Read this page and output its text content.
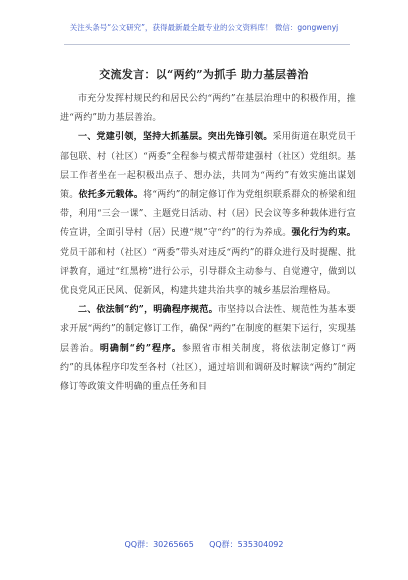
关注头条号“公文研究”，获得最新最全最专业的公文资料库！ 微信：gongwenyj
交流发言：以“两约”为抓手 助力基层善治

市充分发挥村规民约和居民公约“两约”在基层治理中的积极作用，推进“两约”助力基层善治。

一、党建引领，坚持大抓基层。突出先锋引领。采用街道在职党员干部包联、村（社区）“两委”全程参与模式帮带建强村（社区）党组织。基层工作者坐在一起积极出点子、想办法，共同为“两约”有效实施出谋划策。依托多元载体。将“两约”的制定修订作为党组织联系群众的桥梁和纽带，利用“三会一课”、主题党日活动、村（居）民会议等多种载体进行宣传宣讲，全面引导村（居）民遵“规”守“约”的行为养成。强化行为约束。党员干部和村（社区）“两委”带头对违反“两约”的群众进行及时提醒、批评教育，通过“红黑榜”进行公示，引导群众主动参与、自觉遵守，做到以优良党风正民风、促新风，构建共建共治共享的城乡基层治理格局。

二、依法制“约”，明确程序规范。市坚持以合法性、规范性为基本要求开展“两约”的制定修订工作，确保“两约”在制度的框架下运行，实现基层善治。明确制“约”程序。参照省市相关制度，将依法制定修订“两约”的具体程序印发至各村（社区），通过培训和调研及时解读“两约”制定修订等政策文件明确的重点任务和目

QQ群：30265665 QQ群：535304092
